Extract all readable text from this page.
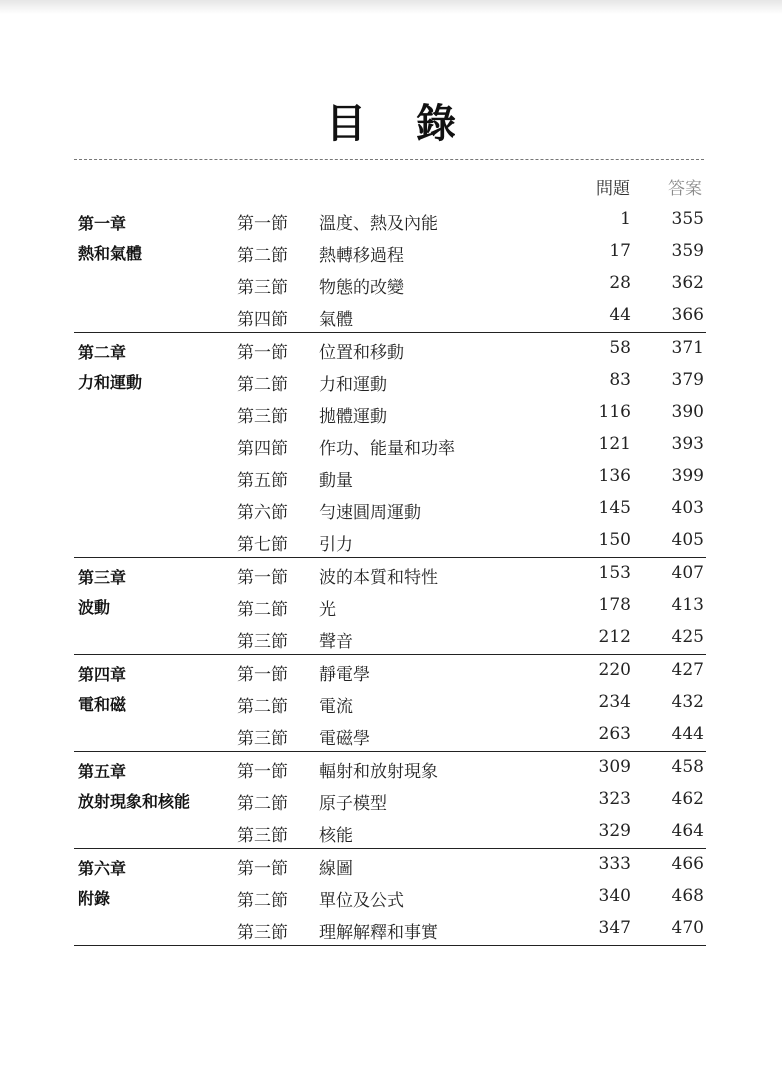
目 錄
問題 答案
第一章
熱和氣體
第一節 溫度、熱及內能	1 355
第二節 熱轉移過程	17 359
第三節 物態的改變	28 362
第四節 氣體	44 366
第二章
力和運動
第一節 位置和移動	58 371
第二節 力和運動	83 379
第三節 拋體運動	116 390
第四節 作功、能量和功率	121 393
第五節 動量	136 399
第六節 勻速圓周運動	145 403
第七節 引力	150 405
第三章
波動
第一節 波的本質和特性	153 407
第二節 光	178 413
第三節 聲音	212 425
第四章
電和磁
第一節 靜電學	220 427
第二節 電流	234 432
第三節 電磁學	263 444
第五章
放射現象和核能
第一節 輻射和放射現象	309 458
第二節 原子模型	323 462
第三節 核能	329 464
第六章
附錄
第一節 線圖	333 466
第二節 單位及公式	340 468
第三節 理解解釋和事實	347 470
